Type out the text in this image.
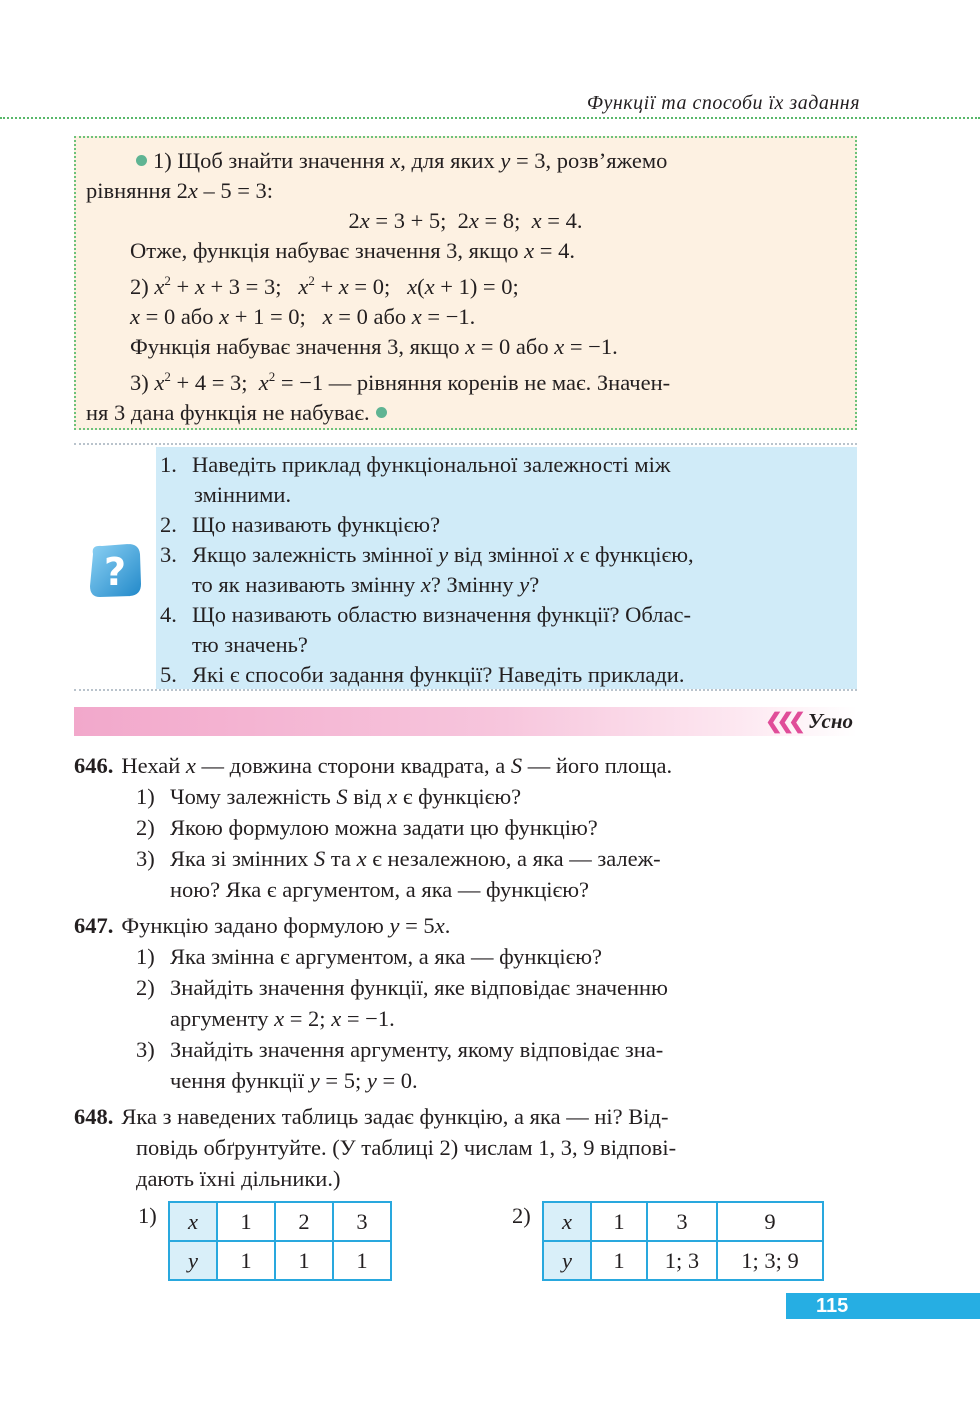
Функції та способи їх задання
1) Щоб знайти значення x, для яких y = 3, розв’яжемо
рівняння 2x – 5 = 3:
2x = 3 + 5;  2x = 8;  x = 4.
Отже, функція набуває значення 3, якщо x = 4.
2) $x^2 + x + 3 = 3$;   $x^2 + x = 0$;   x(x + 1) = 0;
x = 0 або x + 1 = 0;   x = 0 або x = −1.
Функція набуває значення 3, якщо x = 0 або x = −1.
3) $x^2 + 4 = 3$;  $x^2 = -1$ — рівняння коренів не має. Значен-
ня 3 дана функція не набуває.
?
1. Наведіть приклад функціональної залежності між
змінними.
2. Що називають функцією?
3. Якщо залежність змінної y від змінної x є функцією,
то як називають змінну x? Змінну y?
4. Що називають областю визначення функції? Облас-
тю значень?
5. Які є способи задання функції? Наведіть приклади.
❮❮❮ Усно
646. Нехай x — довжина сторони квадрата, а S — його площа.
1) Чому залежність S від x є функцією?
2) Якою формулою можна задати цю функцію?
3) Яка зі змінних S та x є незалежною, а яка — залеж-
ною? Яка є аргументом, а яка — функцією?
647. Функцію задано формулою y = 5x.
1) Яка змінна є аргументом, а яка — функцією?
2) Знайдіть значення функції, яке відповідає значенню
аргументу x = 2; x = −1.
3) Знайдіть значення аргументу, якому відповідає зна-
чення функції y = 5; y = 0.
648. Яка з наведених таблиць задає функцію, а яка — ні? Від-
повідь обґрунтуйте. (У таблиці 2) числам 1, 3, 9 відпові-
дають їхні дільники.)
1) x	1	2	3
y	1	1	1
2) x	1	3	9
y	1	1; 3	1; 3; 9
115
